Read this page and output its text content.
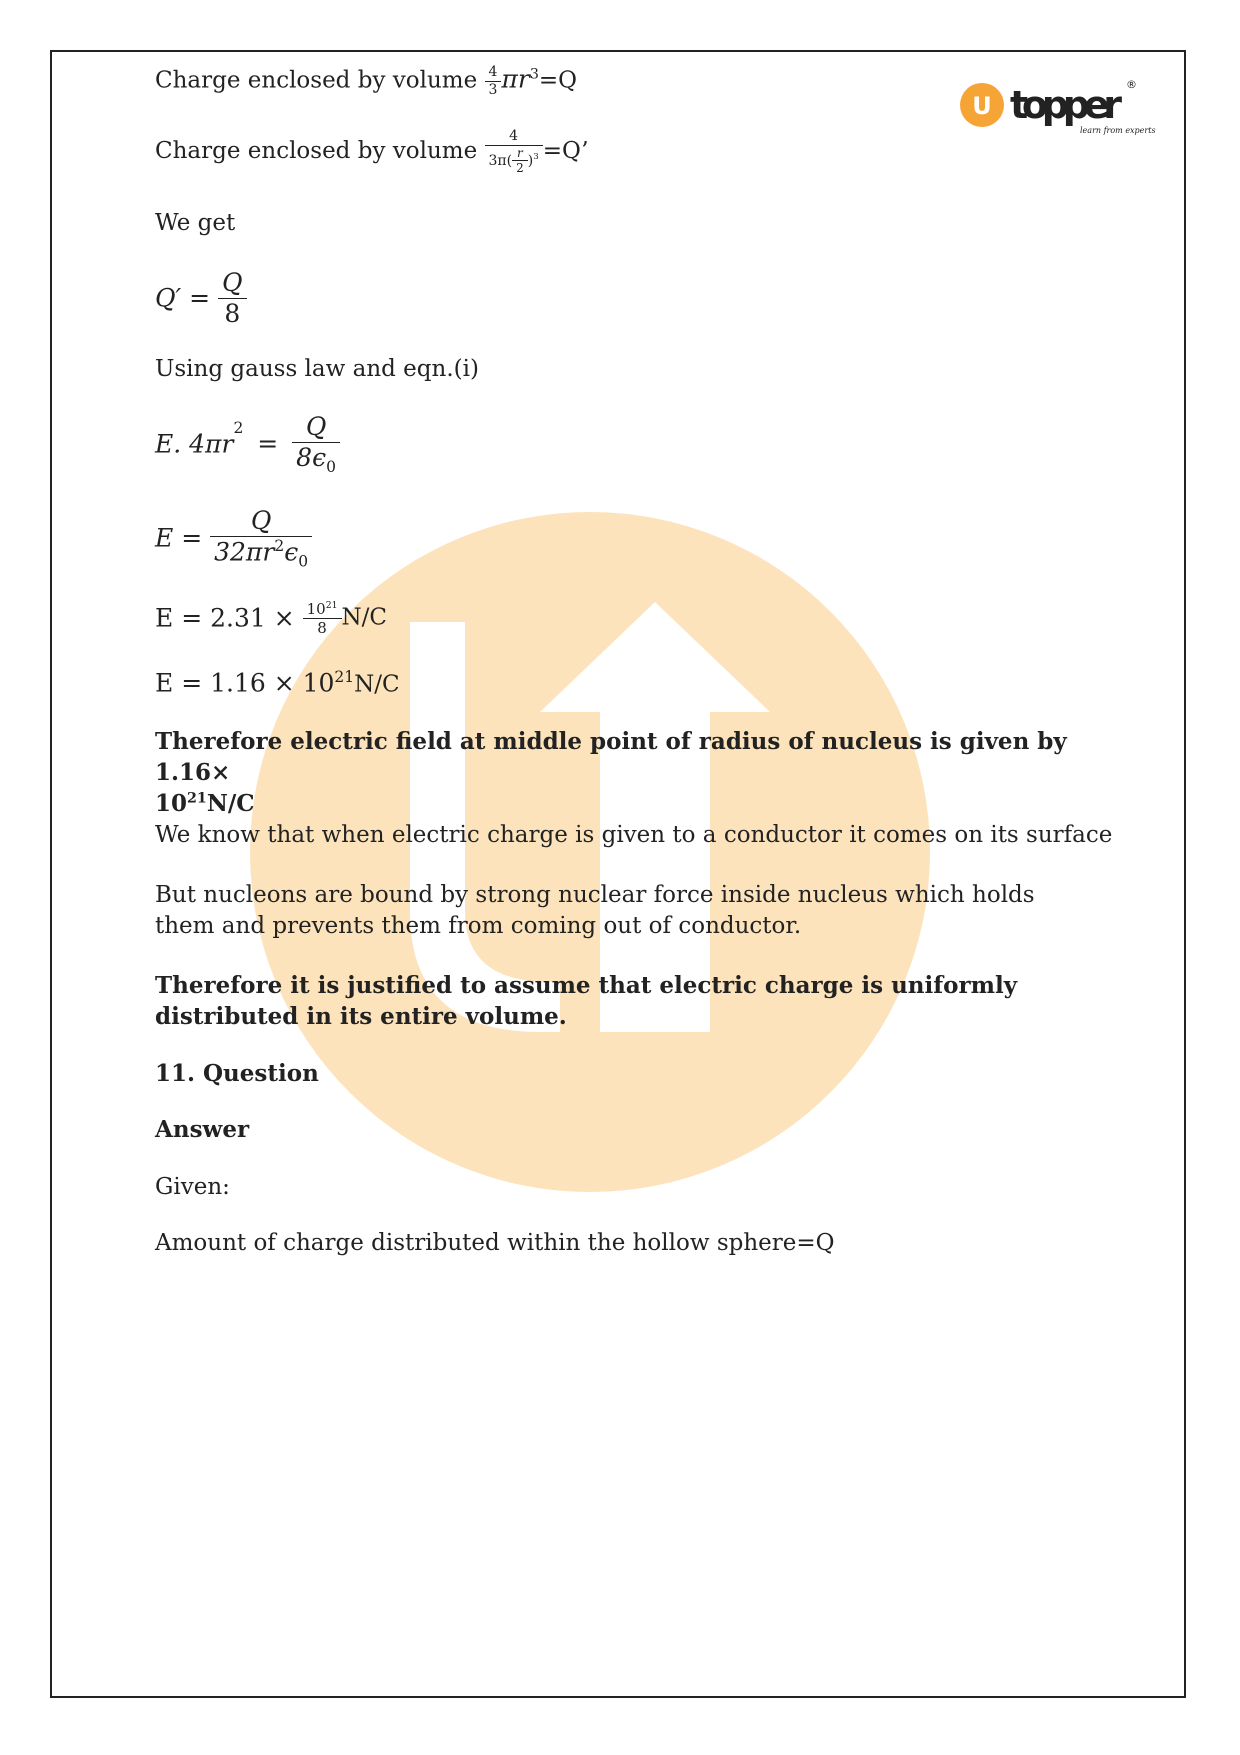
U topper ®
learn from experts
Charge enclosed by volume $\frac{4}{3} \pi r^3=Q$
Charge enclosed by volume $\frac{4}{3\pi( \frac{r}{2} )^3} =Q$’
We get
$Q' = \frac{Q}{8}$
Using gauss law and eqn.(i)
E. $4\pi r^2 = \frac{Q}{8\epsilon_0}$
$E = \frac{Q}{32\pi r^2\epsilon_0}$
$E = 2.31 \times \frac{10^{21}}{8} N/C$
$E = 1.16 \times 10^{21}N/C$
Therefore electric field at middle point of radius of nucleus is given by 1.16×
$10^{21}N/C$
We know that when electric charge is given to a conductor it comes on its surface
But nucleons are bound by strong nuclear force inside nucleus which holds them and prevents them from coming out of conductor.
Therefore it is justified to assume that electric charge is uniformly distributed in its entire volume.
11. Question
Answer
Given:
Amount of charge distributed within the hollow sphere=Q
